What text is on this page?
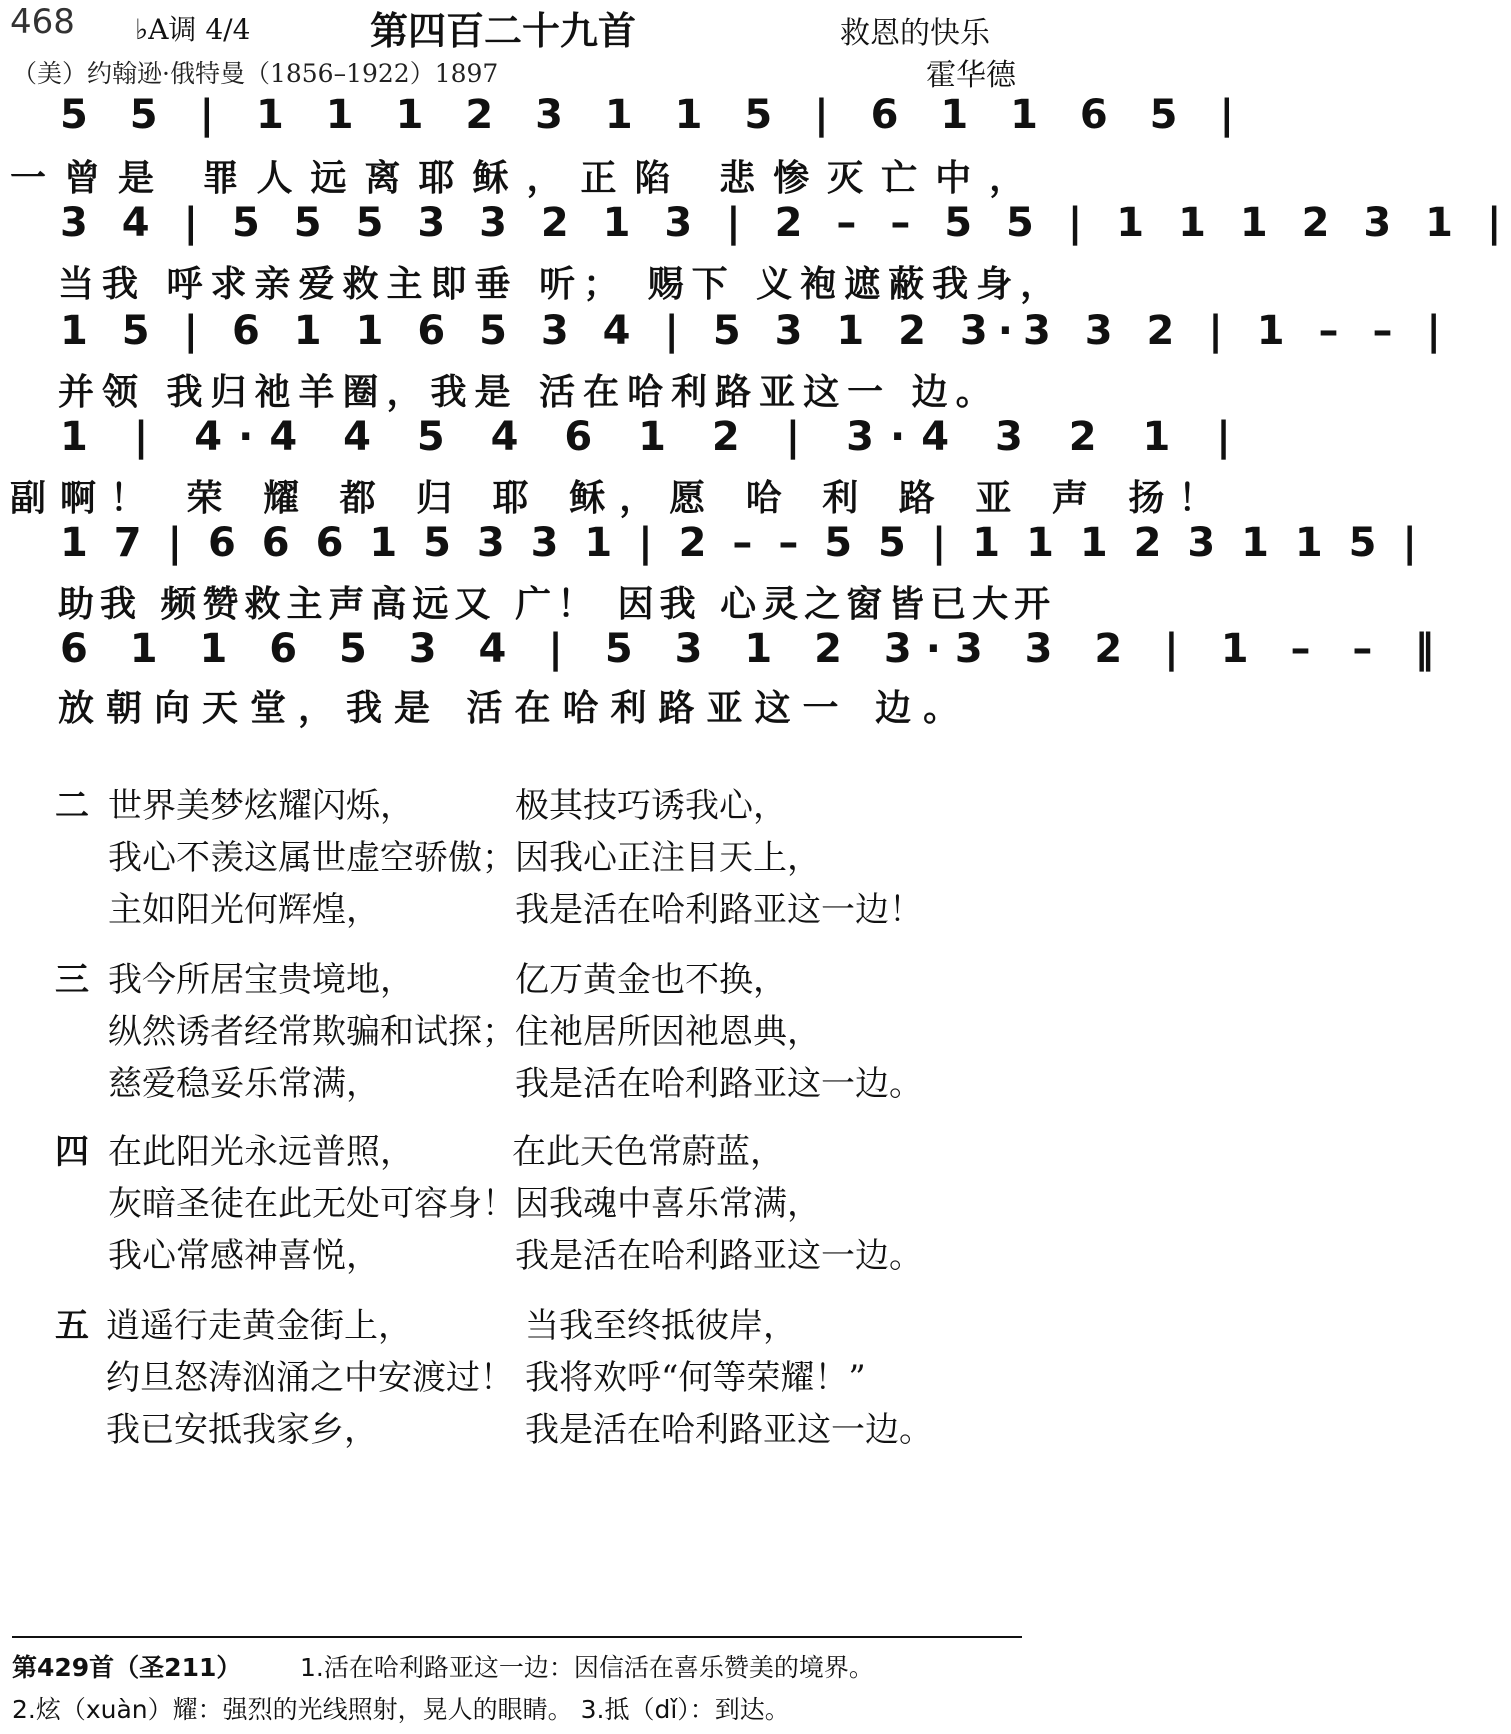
468 ♭A调 4/4	第四百二十九首	救恩的快乐
（美）约翰逊·俄特曼（1856–1922）1897	霍华德
5 5 | 1 1 1 2 3 1 1 5 | 6 1 1 6 5 |
一曾是 罪人远离耶稣，正陷 悲惨灭亡中，
3 4 | 5 5 5 3 3 2 1 3 | 2 – – 5 5 | 1 1 1 2 3 1 |
当我 呼求亲爱救主即垂 听； 赐下 义袍遮蔽我身，
1 5 | 6 1 1 6 5 3 4 | 5 3 1 2 3·3 3 2 | 1 – – |
并领 我归祂羊圈，我是 活在哈利路亚这一 边。
1 | 4·4 4 5 4 6 1 2 | 3·4 3 2 1 |
副啊！ 荣 耀 都 归 耶 稣，愿 哈 利 路 亚 声 扬！
1 7 | 6 6 6 1 5 3 3 1 | 2 – – 5 5 | 1 1 1 2 3 1 1 5 |
助我 频赞救主声高远又 广！ 因我 心灵之窗皆已大开
6 1 1 6 5 3 4 | 5 3 1 2 3·3 3 2 | 1 – – ‖
放朝向天堂，我是 活在哈利路亚这一 边。
二 世界美梦炫耀闪烁，	极其技巧诱我心，
我心不羡这属世虚空骄傲； 因我心正注目天上，
主如阳光何辉煌，	我是活在哈利路亚这一边！
三 我今所居宝贵境地，	亿万黄金也不换，
纵然诱者经常欺骗和试探； 住祂居所因祂恩典，
慈爱稳妥乐常满，	我是活在哈利路亚这一边。
四 在此阳光永远普照，	在此天色常蔚蓝，
灰暗圣徒在此无处可容身！ 因我魂中喜乐常满，
我心常感神喜悦，	我是活在哈利路亚这一边。
五 逍遥行走黄金街上，	当我至终抵彼岸，
约旦怒涛汹涌之中安渡过！ 我将欢呼“何等荣耀！”
我已安抵我家乡，	我是活在哈利路亚这一边。
第429首（圣211） 1.活在哈利路亚这一边：因信活在喜乐赞美的境界。
2.炫（xuàn）耀：强烈的光线照射，晃人的眼睛。 3.抵（dǐ）：到达。
